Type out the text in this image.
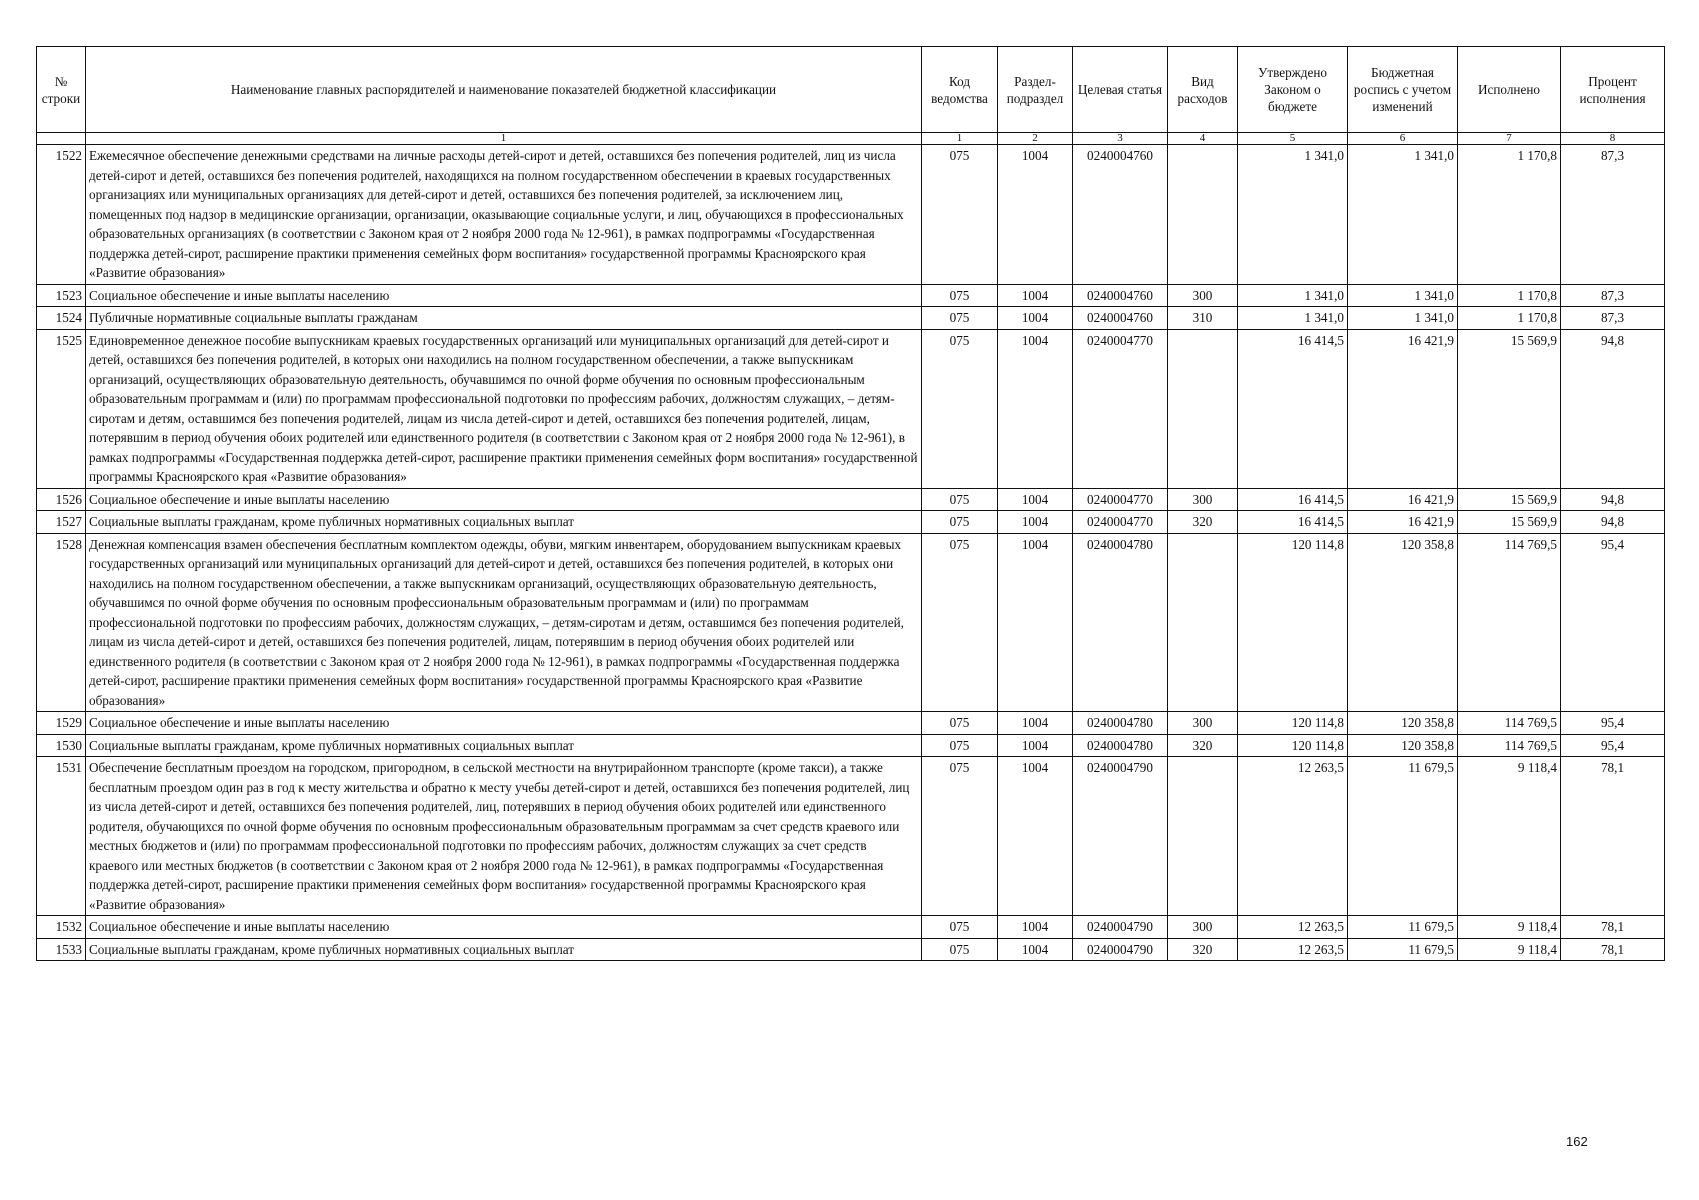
№ строки	Наименование главных распорядителей и наименование показателей бюджетной классификации	Код ведомства	Раздел-подраздел	Целевая статья	Вид расходов	Утверждено Законом о бюджете	Бюджетная роспись с учетом изменений	Исполнено	Процент исполнения
	1	1	2	3	4	5	6	7	8
1522	Ежемесячное обеспечение денежными средствами на личные расходы детей-сирот и детей, оставшихся без попечения родителей, лиц из числа детей-сирот и детей, оставшихся без попечения родителей, находящихся на полном государственном обеспечении в краевых государственных организациях или муниципальных организациях для детей-сирот и детей, оставшихся без попечения родителей, за исключением лиц, помещенных под надзор в медицинские организации, организации, оказывающие социальные услуги, и лиц, обучающихся в профессиональных образовательных организациях (в соответствии с Законом края от 2 ноября 2000 года № 12-961), в рамках подпрограммы «Государственная поддержка детей-сирот, расширение практики применения семейных форм воспитания» государственной программы Красноярского края «Развитие образования»	075	1004	0240004760		1 341,0	1 341,0	1 170,8	87,3
1523	Социальное обеспечение и иные выплаты населению	075	1004	0240004760	300	1 341,0	1 341,0	1 170,8	87,3
1524	Публичные нормативные социальные выплаты гражданам	075	1004	0240004760	310	1 341,0	1 341,0	1 170,8	87,3
1525	Единовременное денежное пособие выпускникам краевых государственных организаций или муниципальных организаций для детей-сирот и детей, оставшихся без попечения родителей, в которых они находились на полном государственном обеспечении, а также выпускникам организаций, осуществляющих образовательную деятельность, обучавшимся по очной форме обучения по основным профессиональным образовательным программам и (или) по программам профессиональной подготовки по профессиям рабочих, должностям служащих, – детям-сиротам и детям, оставшимся без попечения родителей, лицам из числа детей-сирот и детей, оставшихся без попечения родителей, лицам, потерявшим в период обучения обоих родителей или единственного родителя (в соответствии с Законом края от 2 ноября 2000 года № 12-961), в рамках подпрограммы «Государственная поддержка детей-сирот, расширение практики применения семейных форм воспитания» государственной программы Красноярского края «Развитие образования»	075	1004	0240004770		16 414,5	16 421,9	15 569,9	94,8
1526	Социальное обеспечение и иные выплаты населению	075	1004	0240004770	300	16 414,5	16 421,9	15 569,9	94,8
1527	Социальные выплаты гражданам, кроме публичных нормативных социальных выплат	075	1004	0240004770	320	16 414,5	16 421,9	15 569,9	94,8
1528	Денежная компенсация взамен обеспечения бесплатным комплектом одежды, обуви, мягким инвентарем, оборудованием выпускникам краевых государственных организаций или муниципальных организаций для детей-сирот и детей, оставшихся без попечения родителей, в которых они находились на полном государственном обеспечении, а также выпускникам организаций, осуществляющих образовательную деятельность, обучавшимся по очной форме обучения по основным профессиональным образовательным программам и (или) по программам профессиональной подготовки по профессиям рабочих, должностям служащих, – детям-сиротам и детям, оставшимся без попечения родителей, лицам из числа детей-сирот и детей, оставшихся без попечения родителей, лицам, потерявшим в период обучения обоих родителей или единственного родителя (в соответствии с Законом края от 2 ноября 2000 года № 12-961), в рамках подпрограммы «Государственная поддержка детей-сирот, расширение практики применения семейных форм воспитания» государственной программы Красноярского края «Развитие образования»	075	1004	0240004780		120 114,8	120 358,8	114 769,5	95,4
1529	Социальное обеспечение и иные выплаты населению	075	1004	0240004780	300	120 114,8	120 358,8	114 769,5	95,4
1530	Социальные выплаты гражданам, кроме публичных нормативных социальных выплат	075	1004	0240004780	320	120 114,8	120 358,8	114 769,5	95,4
1531	Обеспечение бесплатным проездом на городском, пригородном, в сельской местности на внутрирайонном транспорте (кроме такси), а также бесплатным проездом один раз в год к месту жительства и обратно к месту учебы детей-сирот и детей, оставшихся без попечения родителей, лиц из числа детей-сирот и детей, оставшихся без попечения родителей, лиц, потерявших в период обучения обоих родителей или единственного родителя, обучающихся по очной форме обучения по основным профессиональным образовательным программам за счет средств краевого или местных бюджетов и (или) по программам профессиональной подготовки по профессиям рабочих, должностям служащих за счет средств краевого или местных бюджетов (в соответствии с Законом края от 2 ноября 2000 года № 12-961), в рамках подпрограммы «Государственная поддержка детей-сирот, расширение практики применения семейных форм воспитания» государственной программы Красноярского края «Развитие образования»	075	1004	0240004790		12 263,5	11 679,5	9 118,4	78,1
1532	Социальное обеспечение и иные выплаты населению	075	1004	0240004790	300	12 263,5	11 679,5	9 118,4	78,1
1533	Социальные выплаты гражданам, кроме публичных нормативных социальных выплат	075	1004	0240004790	320	12 263,5	11 679,5	9 118,4	78,1
162
